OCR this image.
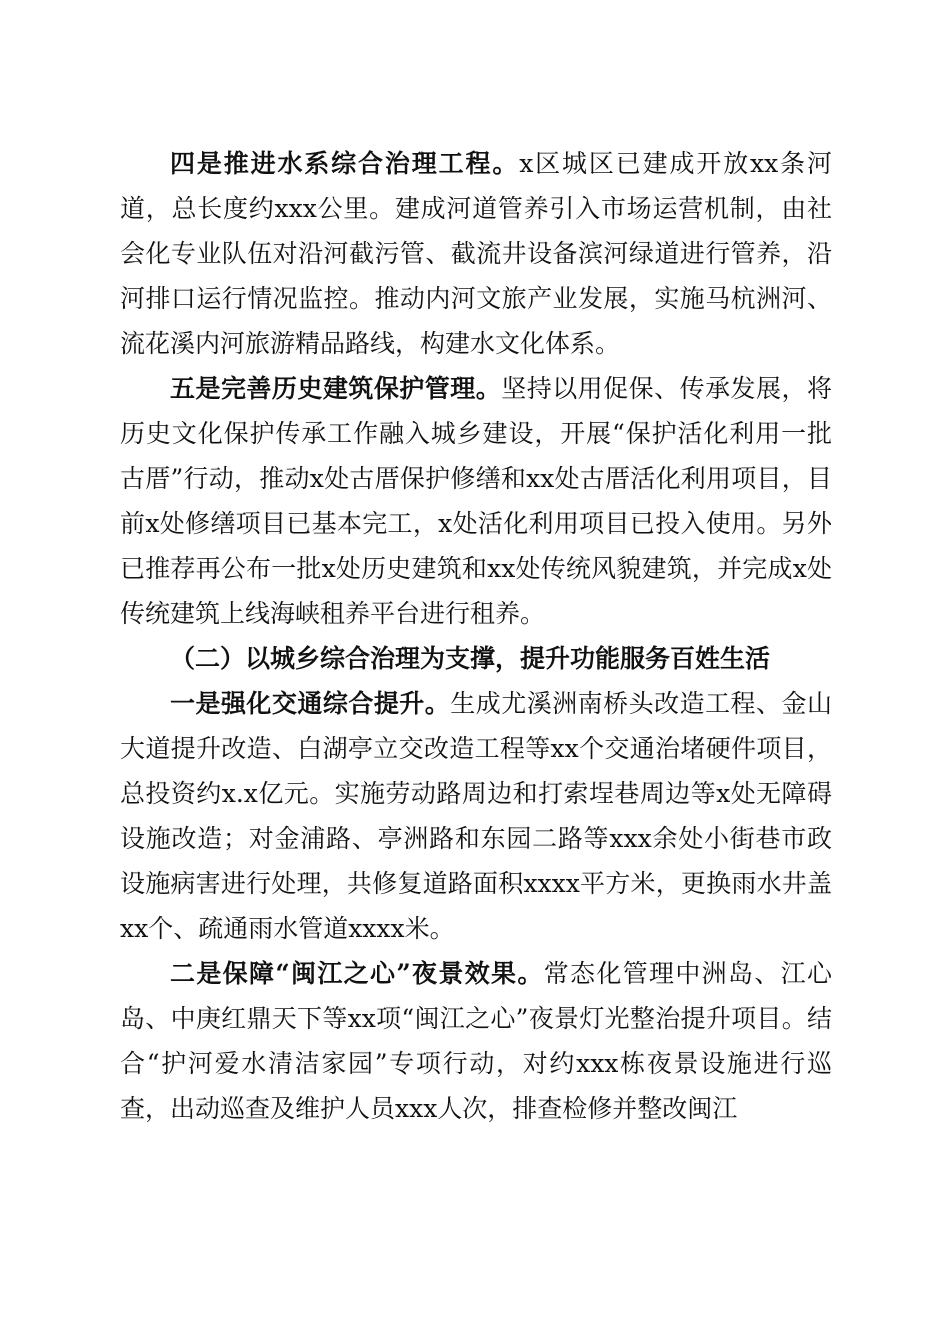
四是推进水系综合治理工程。x区城区已建成开放xx条河道，总长度约xxx公里。建成河道管养引入市场运营机制，由社会化专业队伍对沿河截污管、截流井设备滨河绿道进行管养，沿河排口运行情况监控。推动内河文旅产业发展，实施马杭洲河、流花溪内河旅游精品路线，构建水文化体系。

五是完善历史建筑保护管理。坚持以用促保、传承发展，将历史文化保护传承工作融入城乡建设，开展“保护活化利用一批古厝”行动，推动x处古厝保护修缮和xx处古厝活化利用项目，目前x处修缮项目已基本完工，x处活化利用项目已投入使用。另外已推荐再公布一批x处历史建筑和xx处传统风貌建筑，并完成x处传统建筑上线海峡租养平台进行租养。

（二）以城乡综合治理为支撑，提升功能服务百姓生活

一是强化交通综合提升。生成尤溪洲南桥头改造工程、金山大道提升改造、白湖亭立交改造工程等xx个交通治堵硬件项目，总投资约x.x亿元。实施劳动路周边和打索埕巷周边等x处无障碍设施改造；对金浦路、亭洲路和东园二路等xxx余处小街巷市政设施病害进行处理，共修复道路面积xxxx平方米，更换雨水井盖xx个、疏通雨水管道xxxx米。

二是保障“闽江之心”夜景效果。常态化管理中洲岛、江心岛、中庚红鼎天下等xx项“闽江之心”夜景灯光整治提升项目。结合“护河爱水清洁家园”专项行动，对约xxx栋夜景设施进行巡查，出动巡查及维护人员xxx人次，排查检修并整改闽江
